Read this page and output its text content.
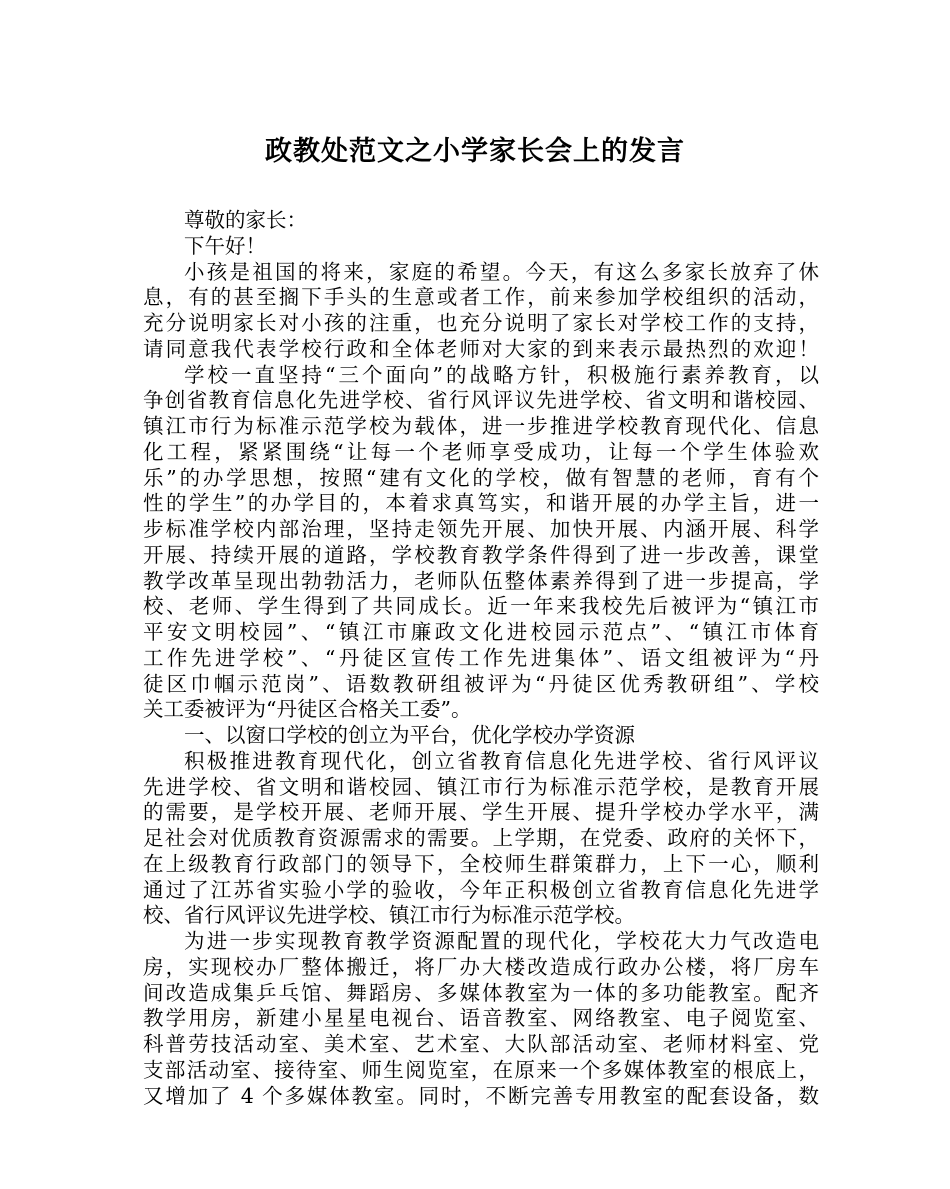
政教处范文之小学家长会上的发言
尊敬的家长：
下午好！
小孩是祖国的将来，家庭的希望。今天，有这么多家长放弃了休
息，有的甚至搁下手头的生意或者工作，前来参加学校组织的活动，
充分说明家长对小孩的注重，也充分说明了家长对学校工作的支持，
请同意我代表学校行政和全体老师对大家的到来表示最热烈的欢迎！
学校一直坚持“三个面向”的战略方针，积极施行素养教育，以
争创省教育信息化先进学校、省行风评议先进学校、省文明和谐校园、
镇江市行为标准示范学校为载体，进一步推进学校教育现代化、信息
化工程，紧紧围绕“让每一个老师享受成功，让每一个学生体验欢
乐”的办学思想，按照“建有文化的学校，做有智慧的老师，育有个
性的学生”的办学目的，本着求真笃实，和谐开展的办学主旨，进一
步标准学校内部治理，坚持走领先开展、加快开展、内涵开展、科学
开展、持续开展的道路，学校教育教学条件得到了进一步改善，课堂
教学改革呈现出勃勃活力，老师队伍整体素养得到了进一步提高，学
校、老师、学生得到了共同成长。近一年来我校先后被评为“镇江市
平安文明校园”、“镇江市廉政文化进校园示范点”、“镇江市体育
工作先进学校”、“丹徒区宣传工作先进集体”、语文组被评为“丹
徒区巾帼示范岗”、语数教研组被评为“丹徒区优秀教研组”、学校
关工委被评为“丹徒区合格关工委”。
一、以窗口学校的创立为平台，优化学校办学资源
积极推进教育现代化，创立省教育信息化先进学校、省行风评议
先进学校、省文明和谐校园、镇江市行为标准示范学校，是教育开展
的需要，是学校开展、老师开展、学生开展、提升学校办学水平，满
足社会对优质教育资源需求的需要。上学期，在党委、政府的关怀下，
在上级教育行政部门的领导下，全校师生群策群力，上下一心，顺利
通过了江苏省实验小学的验收，今年正积极创立省教育信息化先进学
校、省行风评议先进学校、镇江市行为标准示范学校。
为进一步实现教育教学资源配置的现代化，学校花大力气改造电
房，实现校办厂整体搬迁，将厂办大楼改造成行政办公楼，将厂房车
间改造成集乒乓馆、舞蹈房、多媒体教室为一体的多功能教室。配齐
教学用房，新建小星星电视台、语音教室、网络教室、电子阅览室、
科普劳技活动室、美术室、艺术室、大队部活动室、老师材料室、党
支部活动室、接待室、师生阅览室，在原来一个多媒体教室的根底上，
又增加了 4 个多媒体教室。同时，不断完善专用教室的配套设备，数
